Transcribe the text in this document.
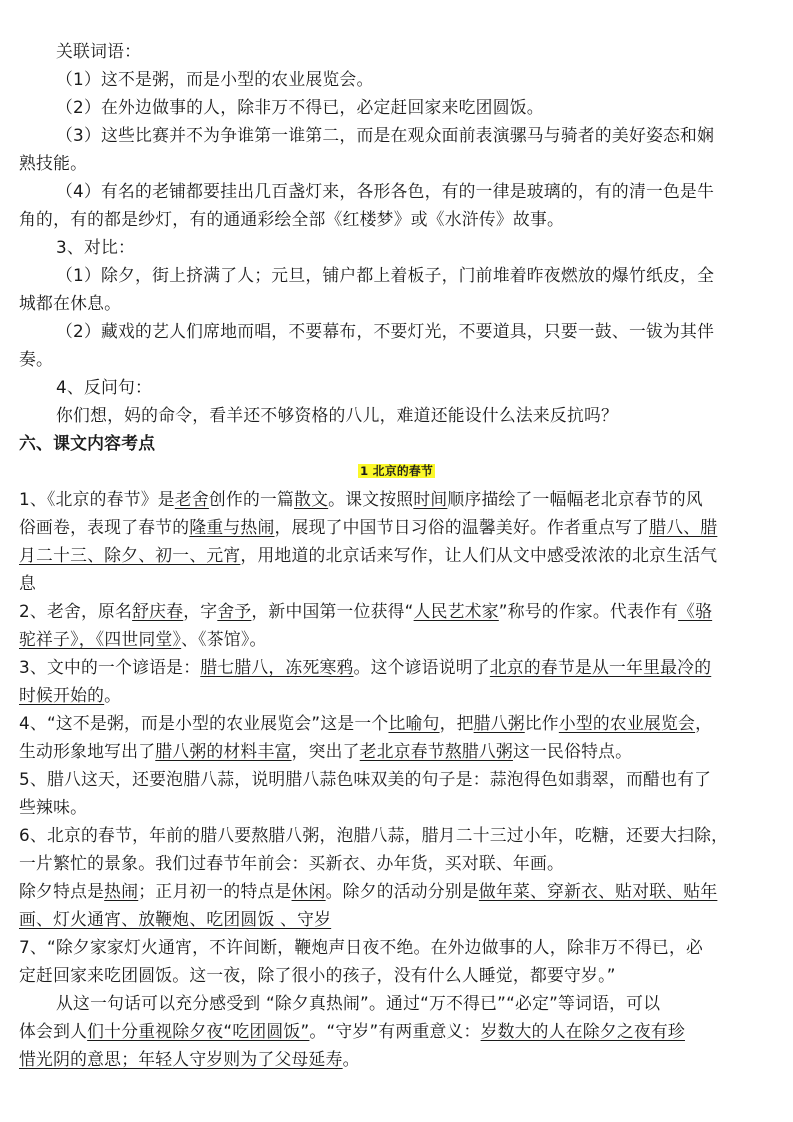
关联词语：
（1）这不是粥，而是小型的农业展览会。
（2）在外边做事的人，除非万不得已，必定赶回家来吃团圆饭。
（3）这些比赛并不为争谁第一谁第二，而是在观众面前表演骡马与骑者的美好姿态和娴
熟技能。
（4）有名的老铺都要挂出几百盏灯来，各形各色，有的一律是玻璃的，有的清一色是牛
角的，有的都是纱灯，有的通通彩绘全部《红楼梦》或《水浒传》故事。
3、对比：
（1）除夕，街上挤满了人；元旦，铺户都上着板子，门前堆着昨夜燃放的爆竹纸皮，全
城都在休息。
（2）藏戏的艺人们席地而唱，不要幕布，不要灯光，不要道具，只要一鼓、一钹为其伴
奏。
4、反问句：
你们想，妈的命令，看羊还不够资格的八儿，难道还能设什么法来反抗吗？
六、课文内容考点
1 北京的春节
1、《北京的春节》是老舍创作的一篇散文。课文按照时间顺序描绘了一幅幅老北京春节的风
俗画卷，表现了春节的隆重与热闹，展现了中国节日习俗的温馨美好。作者重点写了腊八、腊
月二十三、除夕、初一、元宵，用地道的北京话来写作，让人们从文中感受浓浓的北京生活气
息
2、老舍，原名舒庆春，字舍予，新中国第一位获得“人民艺术家”称号的作家。代表作有《骆
驼祥子》，《四世同堂》、《茶馆》。
3、文中的一个谚语是：腊七腊八，冻死寒鸦。这个谚语说明了北京的春节是从一年里最冷的
时候开始的。
4、“这不是粥，而是小型的农业展览会”这是一个比喻句，把腊八粥比作小型的农业展览会，
生动形象地写出了腊八粥的材料丰富，突出了老北京春节熬腊八粥这一民俗特点。
5、腊八这天，还要泡腊八蒜，说明腊八蒜色味双美的句子是：蒜泡得色如翡翠，而醋也有了
些辣味。
6、北京的春节，年前的腊八要熬腊八粥，泡腊八蒜，腊月二十三过小年，吃糖，还要大扫除，
一片繁忙的景象。我们过春节年前会：买新衣、办年货，买对联、年画。
除夕特点是热闹；正月初一的特点是休闲。除夕的活动分别是做年菜、穿新衣、贴对联、贴年
画、灯火通宵、放鞭炮、吃团圆饭 、守岁
7、“除夕家家灯火通宵，不许间断，鞭炮声日夜不绝。在外边做事的人，除非万不得已，必
定赶回家来吃团圆饭。这一夜，除了很小的孩子，没有什么人睡觉，都要守岁。”
从这一句话可以充分感受到 “除夕真热闹”。通过“万不得已”“必定”等词语，可以
体会到人们十分重视除夕夜“吃团圆饭”。“守岁”有两重意义：岁数大的人在除夕之夜有珍
惜光阴的意思；年轻人守岁则为了父母延寿。
